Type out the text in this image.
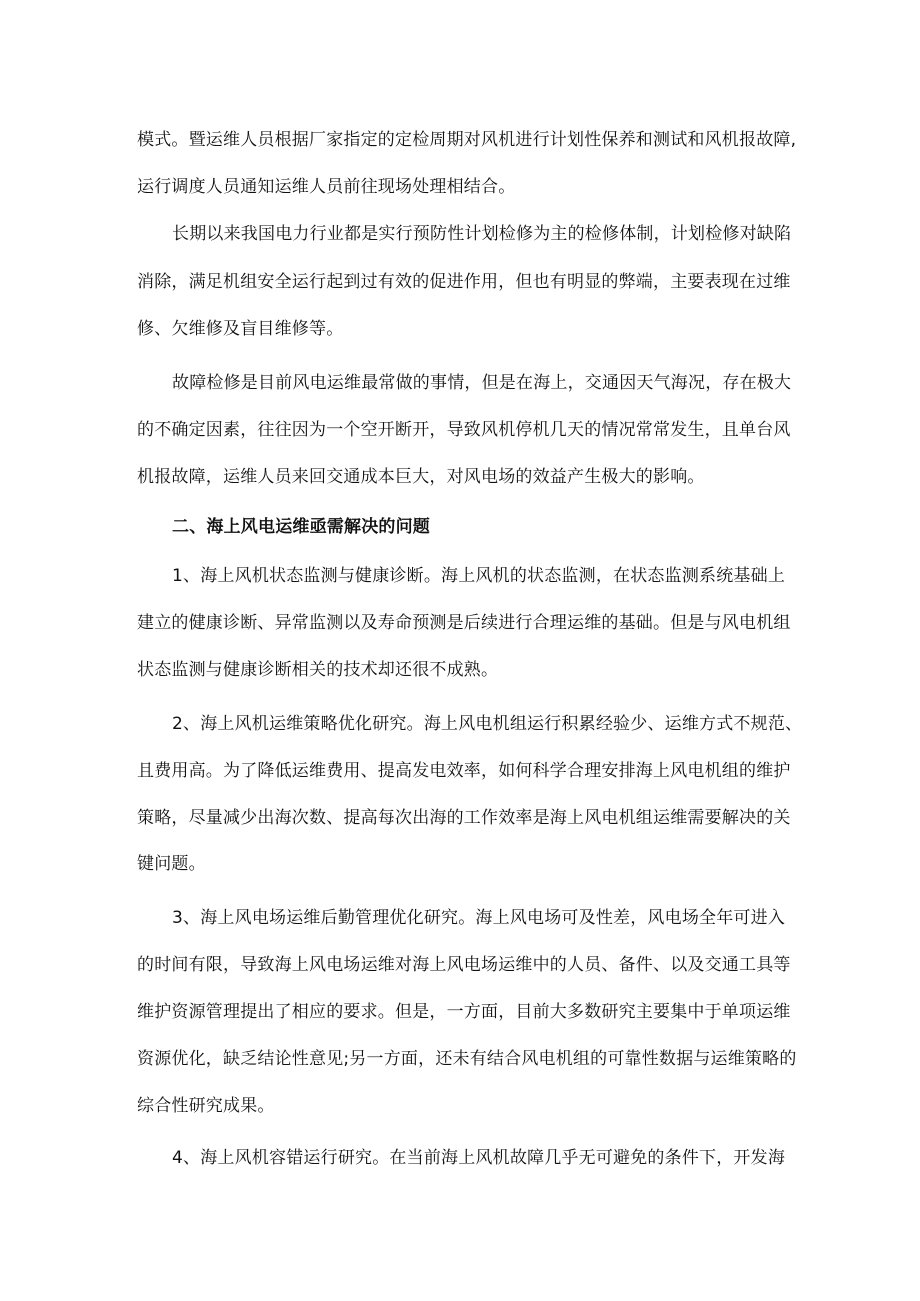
模式。暨运维人员根据厂家指定的定检周期对风机进行计划性保养和测试和风机报故障,
运行调度人员通知运维人员前往现场处理相结合。
长期以来我国电力行业都是实行预防性计划检修为主的检修体制，计划检修对缺陷
消除，满足机组安全运行起到过有效的促进作用，但也有明显的弊端，主要表现在过维
修、欠维修及盲目维修等。
故障检修是目前风电运维最常做的事情，但是在海上，交通因天气海况，存在极大
的不确定因素，往往因为一个空开断开，导致风机停机几天的情况常常发生，且单台风
机报故障，运维人员来回交通成本巨大，对风电场的效益产生极大的影响。
二、海上风电运维亟需解决的问题
1、海上风机状态监测与健康诊断。海上风机的状态监测，在状态监测系统基础上
建立的健康诊断、异常监测以及寿命预测是后续进行合理运维的基础。但是与风电机组
状态监测与健康诊断相关的技术却还很不成熟。
2、海上风机运维策略优化研究。海上风电机组运行积累经验少、运维方式不规范、
且费用高。为了降低运维费用、提高发电效率，如何科学合理安排海上风电机组的维护
策略，尽量减少出海次数、提高每次出海的工作效率是海上风电机组运维需要解决的关
键问题。
3、海上风电场运维后勤管理优化研究。海上风电场可及性差，风电场全年可进入
的时间有限，导致海上风电场运维对海上风电场运维中的人员、备件、以及交通工具等
维护资源管理提出了相应的要求。但是，一方面，目前大多数研究主要集中于单项运维
资源优化，缺乏结论性意见;另一方面，还未有结合风电机组的可靠性数据与运维策略的
综合性研究成果。
4、海上风机容错运行研究。在当前海上风机故障几乎无可避免的条件下，开发海
